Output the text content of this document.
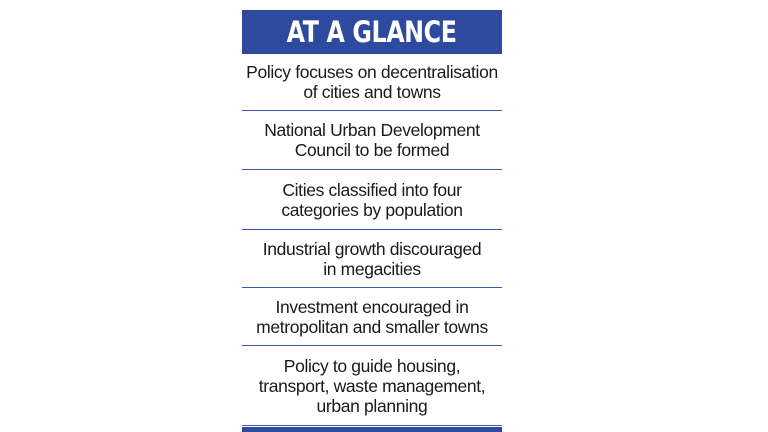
AT A GLANCE
Policy focuses on decentralisation
of cities and towns
National Urban Development
Council to be formed
Cities classified into four
categories by population
Industrial growth discouraged
in megacities
Investment encouraged in
metropolitan and smaller towns
Policy to guide housing,
transport, waste management,
urban planning
